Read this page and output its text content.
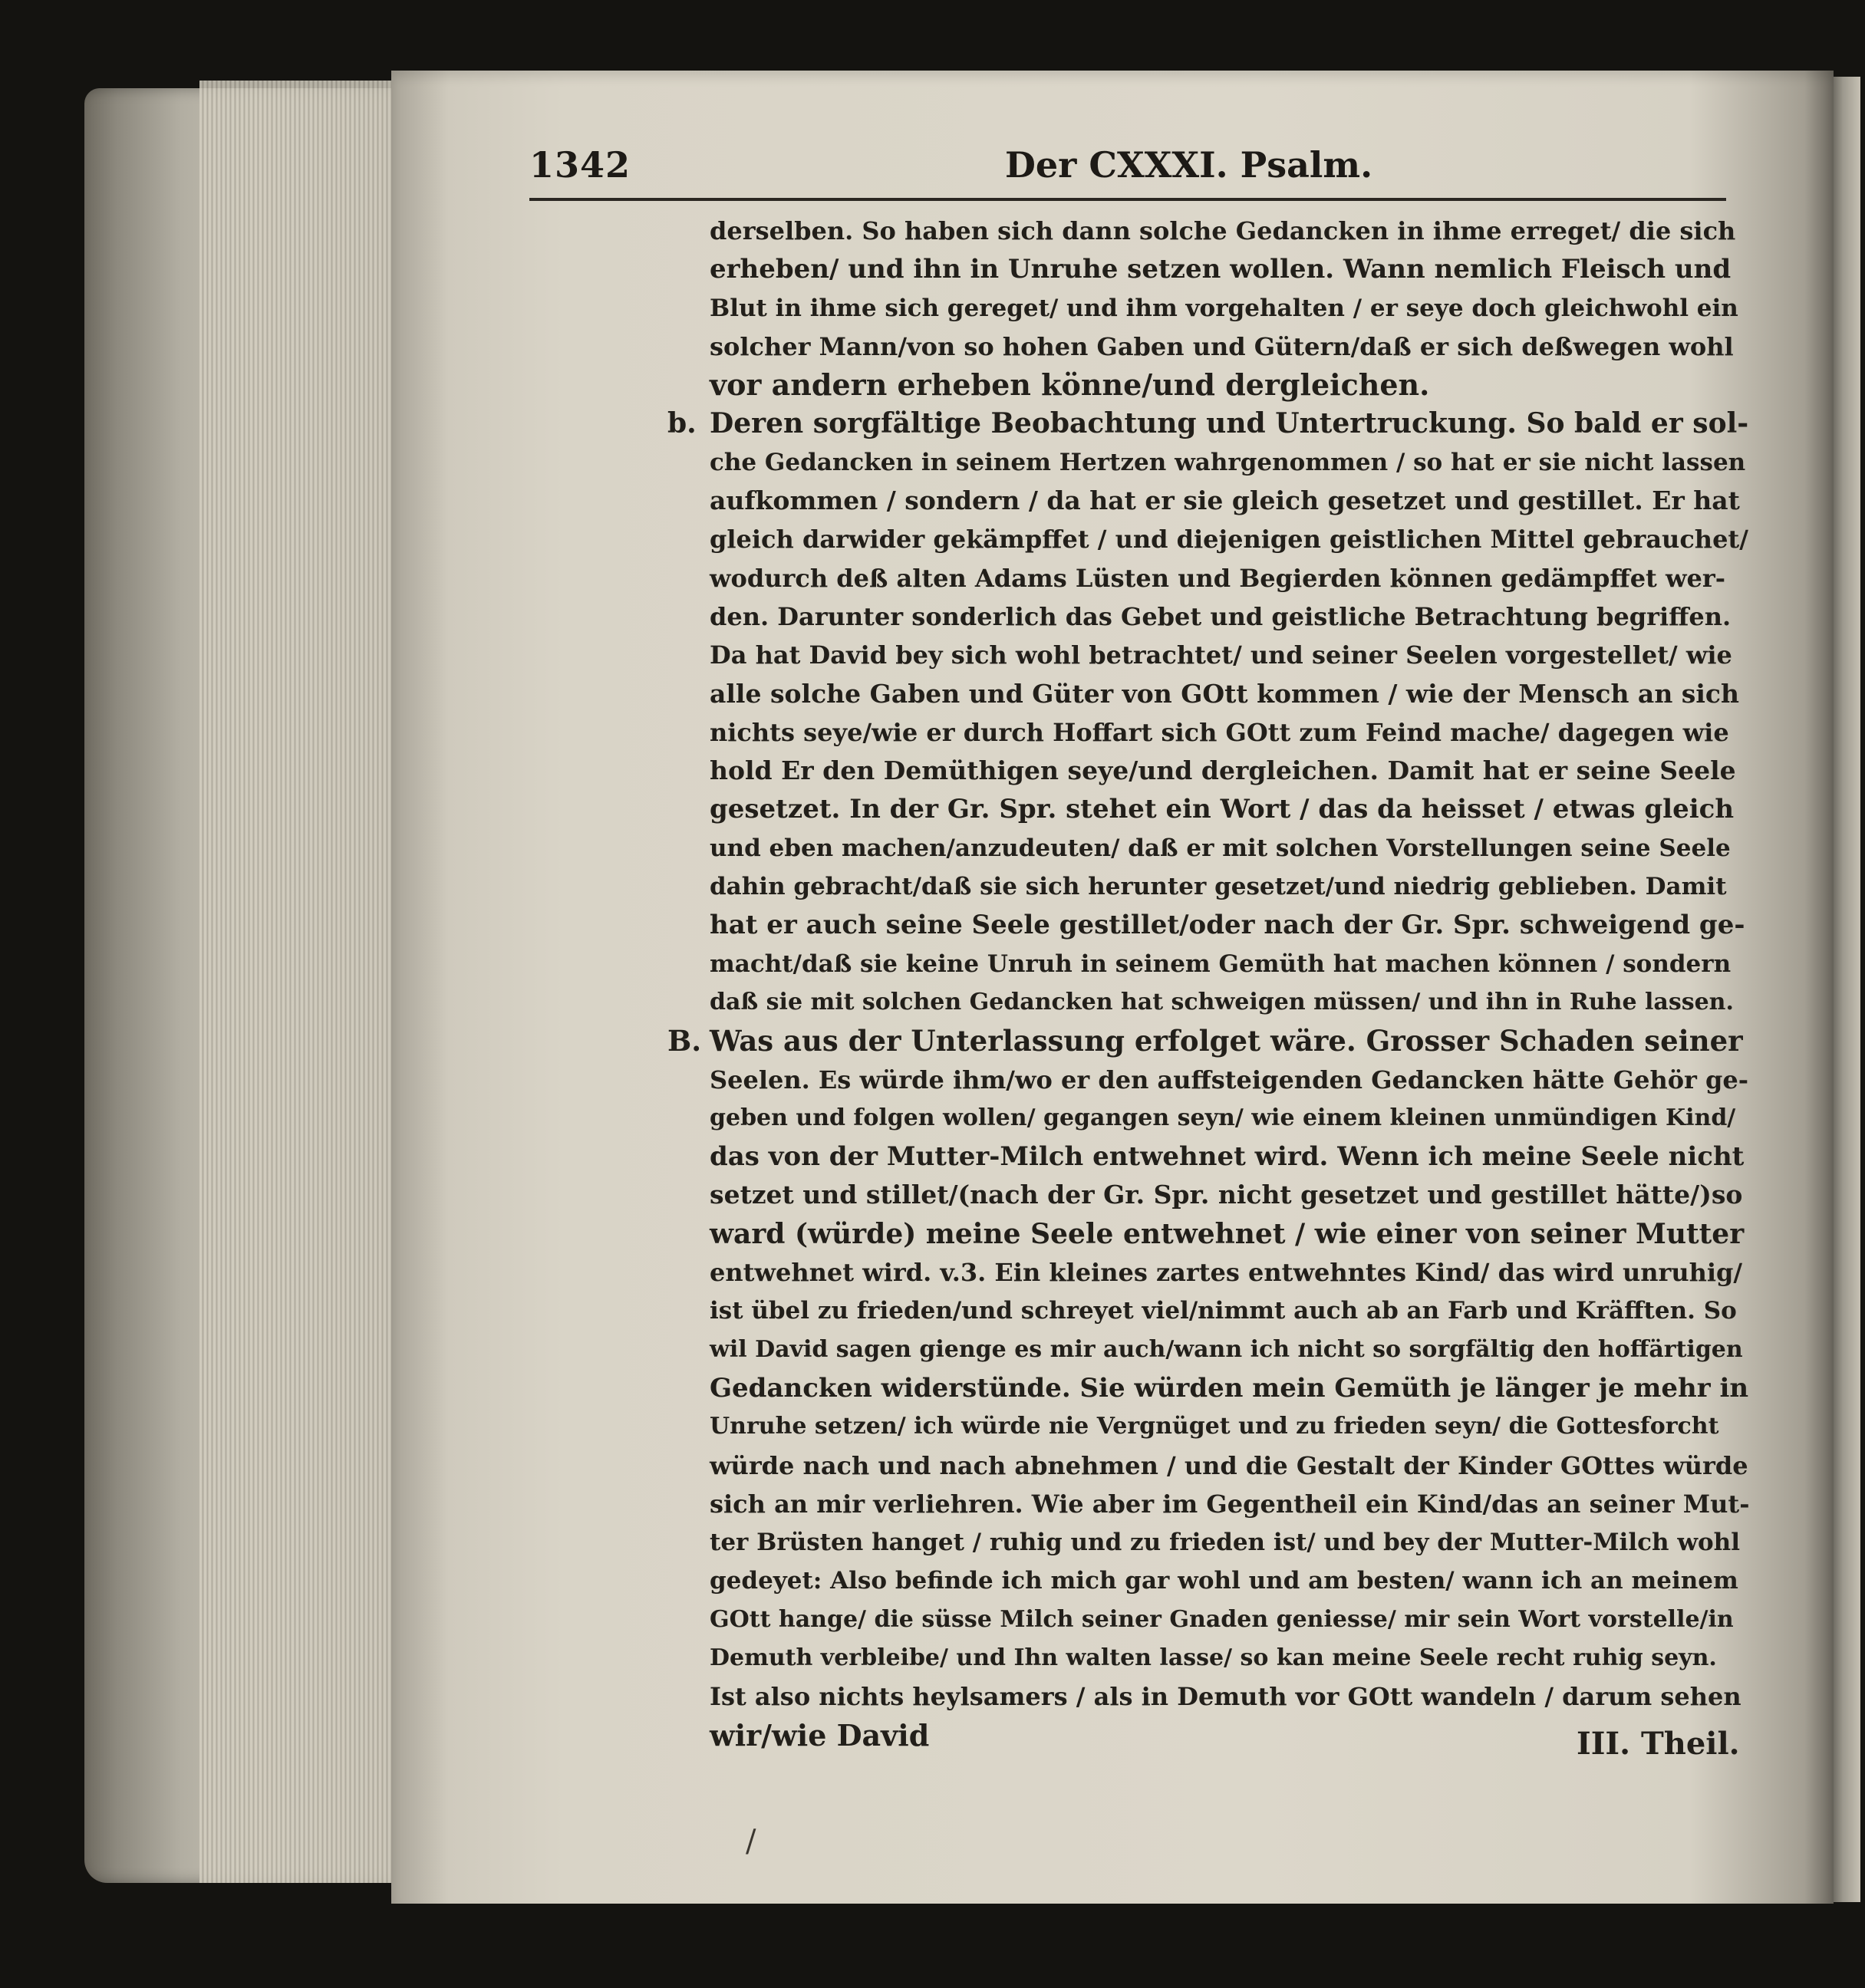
1342	Der CXXXI. Psalm.
derselben. So haben sich dann solche Gedancken in ihme erreget/ die sich
erheben/ und ihn in Unruhe setzen wollen. Wann nemlich Fleisch und
Blut in ihme sich gereget/ und ihm vorgehalten / er seye doch gleichwohl ein
solcher Mann/von so hohen Gaben und Gütern/daß er sich deßwegen wohl
vor andern erheben könne/und dergleichen.
b. Deren sorgfältige Beobachtung und Untertruckung. So bald er sol-
che Gedancken in seinem Hertzen wahrgenommen / so hat er sie nicht lassen
aufkommen / sondern / da hat er sie gleich gesetzet und gestillet. Er hat
gleich darwider gekämpffet / und diejenigen geistlichen Mittel gebrauchet/
wodurch deß alten Adams Lüsten und Begierden können gedämpffet wer-
den. Darunter sonderlich das Gebet und geistliche Betrachtung begriffen.
Da hat David bey sich wohl betrachtet/ und seiner Seelen vorgestellet/ wie
alle solche Gaben und Güter von GOtt kommen / wie der Mensch an sich
nichts seye/wie er durch Hoffart sich GOtt zum Feind mache/ dagegen wie
hold Er den Demüthigen seye/und dergleichen. Damit hat er seine Seele
gesetzet. In der Gr. Spr. stehet ein Wort / das da heisset / etwas gleich
und eben machen/anzudeuten/ daß er mit solchen Vorstellungen seine Seele
dahin gebracht/daß sie sich herunter gesetzet/und niedrig geblieben. Damit
hat er auch seine Seele gestillet/oder nach der Gr. Spr. schweigend ge-
macht/daß sie keine Unruh in seinem Gemüth hat machen können / sondern
daß sie mit solchen Gedancken hat schweigen müssen/ und ihn in Ruhe lassen.
B. Was aus der Unterlassung erfolget wäre. Grosser Schaden seiner
Seelen. Es würde ihm/wo er den auffsteigenden Gedancken hätte Gehör ge-
geben und folgen wollen/ gegangen seyn/ wie einem kleinen unmündigen Kind/
das von der Mutter-Milch entwehnet wird. Wenn ich meine Seele nicht
setzet und stillet/(nach der Gr. Spr. nicht gesetzet und gestillet hätte/)so
ward (würde) meine Seele entwehnet / wie einer von seiner Mutter
entwehnet wird. v.3. Ein kleines zartes entwehntes Kind/ das wird unruhig/
ist übel zu frieden/und schreyet viel/nimmt auch ab an Farb und Kräfften. So
wil David sagen gienge es mir auch/wann ich nicht so sorgfältig den hoffärtigen
Gedancken widerstünde. Sie würden mein Gemüth je länger je mehr in
Unruhe setzen/ ich würde nie Vergnüget und zu frieden seyn/ die Gottesforcht
würde nach und nach abnehmen / und die Gestalt der Kinder GOttes würde
sich an mir verliehren. Wie aber im Gegentheil ein Kind/das an seiner Mut-
ter Brüsten hanget / ruhig und zu frieden ist/ und bey der Mutter-Milch wohl
gedeyet: Also befinde ich mich gar wohl und am besten/ wann ich an meinem
GOtt hange/ die süsse Milch seiner Gnaden geniesse/ mir sein Wort vorstelle/in
Demuth verbleibe/ und Ihn walten lasse/ so kan meine Seele recht ruhig seyn.
Ist also nichts heylsamers / als in Demuth vor GOtt wandeln / darum sehen
wir/wie David	III. Theil.
/
